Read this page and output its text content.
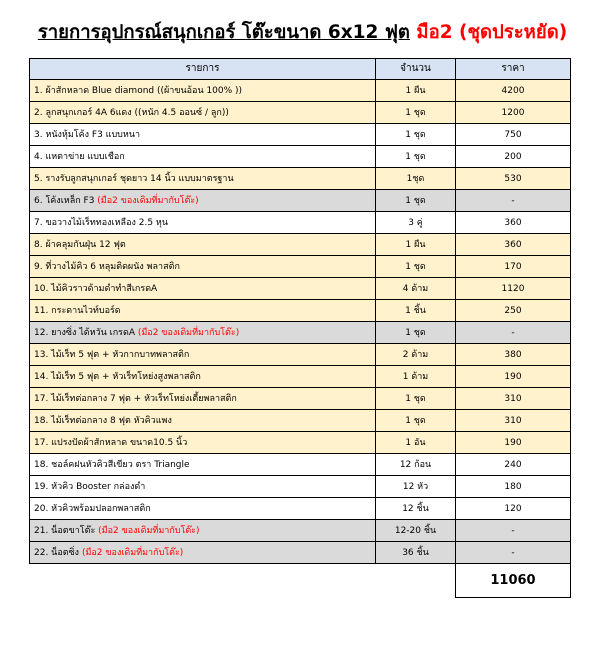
รายการอุปกรณ์สนุกเกอร์ โต๊ะขนาด 6x12 ฟุต มือ2 (ชุดประหยัด)
รายการ	จำนวน	ราคา
1. ผ้าสักหลาด Blue diamond ((ผ้าขนอ้อน 100% ))	1 ผืน	4200
2. ลูกสนุกเกอร์ 4A 6แดง ((หนัก 4.5 ออนซ์ / ลูก))	1 ชุด	1200
3. หนังหุ้มโค้ง F3 แบบหนา	1 ชุด	750
4. แหตาข่าย แบบเชือก	1 ชุด	200
5. รางรับลูกสนุกเกอร์ ชุดยาว 14 นิ้ว แบบมาตรฐาน	1ชุด	530
6. โค้งเหล็ก F3 (มือ2 ของเดิมที่มากับโต๊ะ)	1 ชุด	-
7. ขอวางไม้เร็ททองเหลือง 2.5 หุน	3 คู่	360
8. ผ้าคลุมกันฝุ่น 12 ฟุต	1 ผืน	360
9. ที่วางไม้คิว 6 หลุมติดผนัง พลาสติก	1 ชุด	170
10. ไม้คิวราวด้ามดำทำสีเกรดA	4 ด้าม	1120
11. กระดานไวท์บอร์ด	1 ชิ้น	250
12. ยางซิ่ง ได้หวัน เกรดA (มือ2 ของเดิมที่มากับโต๊ะ)	1 ชุด	-
13. ไม้เร็ท 5 ฟุต + หัวกากบาทพลาสติก	2 ด้าม	380
14. ไม้เร็ท 5 ฟุต + หัวเร็ทโหย่งสูงพลาสติก	1 ด้าม	190
17. ไม้เร็ทต่อกลาง 7 ฟุต + หัวเร็ทโหย่งเตี้ยพลาสติก	1 ชุด	310
18. ไม้เร็ทต่อกลาง 8 ฟุต หัวคิวแพง	1 ชุด	310
17. แปรงปัดผ้าสักหลาด ขนาด10.5 นิ้ว	1 อัน	190
18. ชอล์คฝนหัวคิวสีเขียว ตรา Triangle	12 ก้อน	240
19. หัวคิว Booster กล่องดำ	12 หัว	180
20. หัวคิวพร้อมปลอกพลาสติก	12 ชิ้น	120
21. น็อตขาโต๊ะ (มือ2 ของเดิมที่มากับโต๊ะ)	12-20 ชิ้น	-
22. น็อตซิ่ง (มือ2 ของเดิมที่มากับโต๊ะ)	36 ชิ้น	-
		11060
